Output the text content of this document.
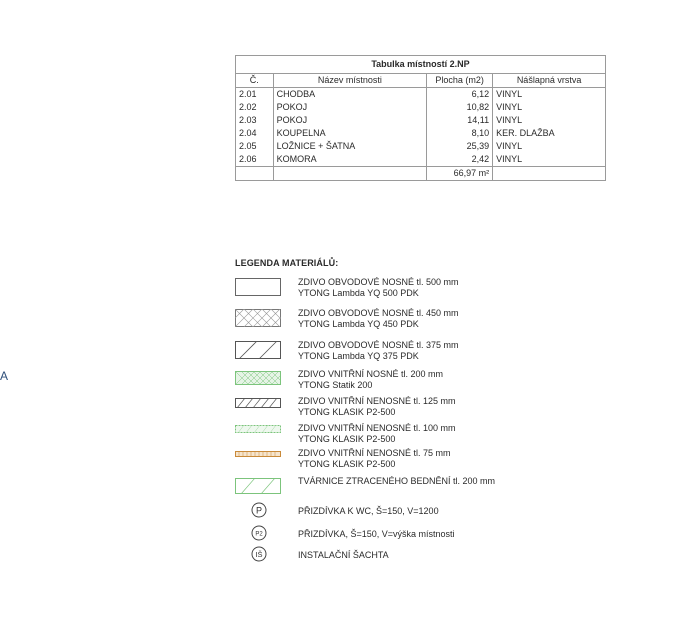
A
Tabulka místností 2.NP			
Č.	Název místnosti	Plocha (m2)	Nášlapná vrstva
2.01	CHODBA	6,12	VINYL
2.02	POKOJ	10,82	VINYL
2.03	POKOJ	14,11	VINYL
2.04	KOUPELNA	8,10	KER. DLAŽBA
2.05	LOŽNICE + ŠATNA	25,39	VINYL
2.06	KOMORA	2,42	VINYL
		66,97 m²	
LEGENDA MATERIÁLŮ:
ZDIVO OBVODOVÉ NOSNÉ tl. 500 mm
YTONG Lambda YQ 500 PDK
ZDIVO OBVODOVÉ NOSNÉ tl. 450 mm
YTONG Lambda YQ 450 PDK
ZDIVO OBVODOVÉ NOSNÉ tl. 375 mm
YTONG Lambda YQ 375 PDK
ZDIVO VNITŘNÍ NOSNÉ tl. 200 mm
YTONG Statik 200
ZDIVO VNITŘNÍ NENOSNÉ tl. 125 mm
YTONG KLASIK P2-500
ZDIVO VNITŘNÍ NENOSNÉ tl. 100 mm
YTONG KLASIK P2-500
ZDIVO VNITŘNÍ NENOSNÉ tl. 75 mm
YTONG KLASIK P2-500
TVÁRNICE ZTRACENÉHO BEDNĚNÍ tl. 200 mm
P	PŘIZDÍVKA K WC, Š=150, V=1200
P2	PŘIZDÍVKA, Š=150, V=výška místnosti
IŠ	INSTALAČNÍ ŠACHTA
